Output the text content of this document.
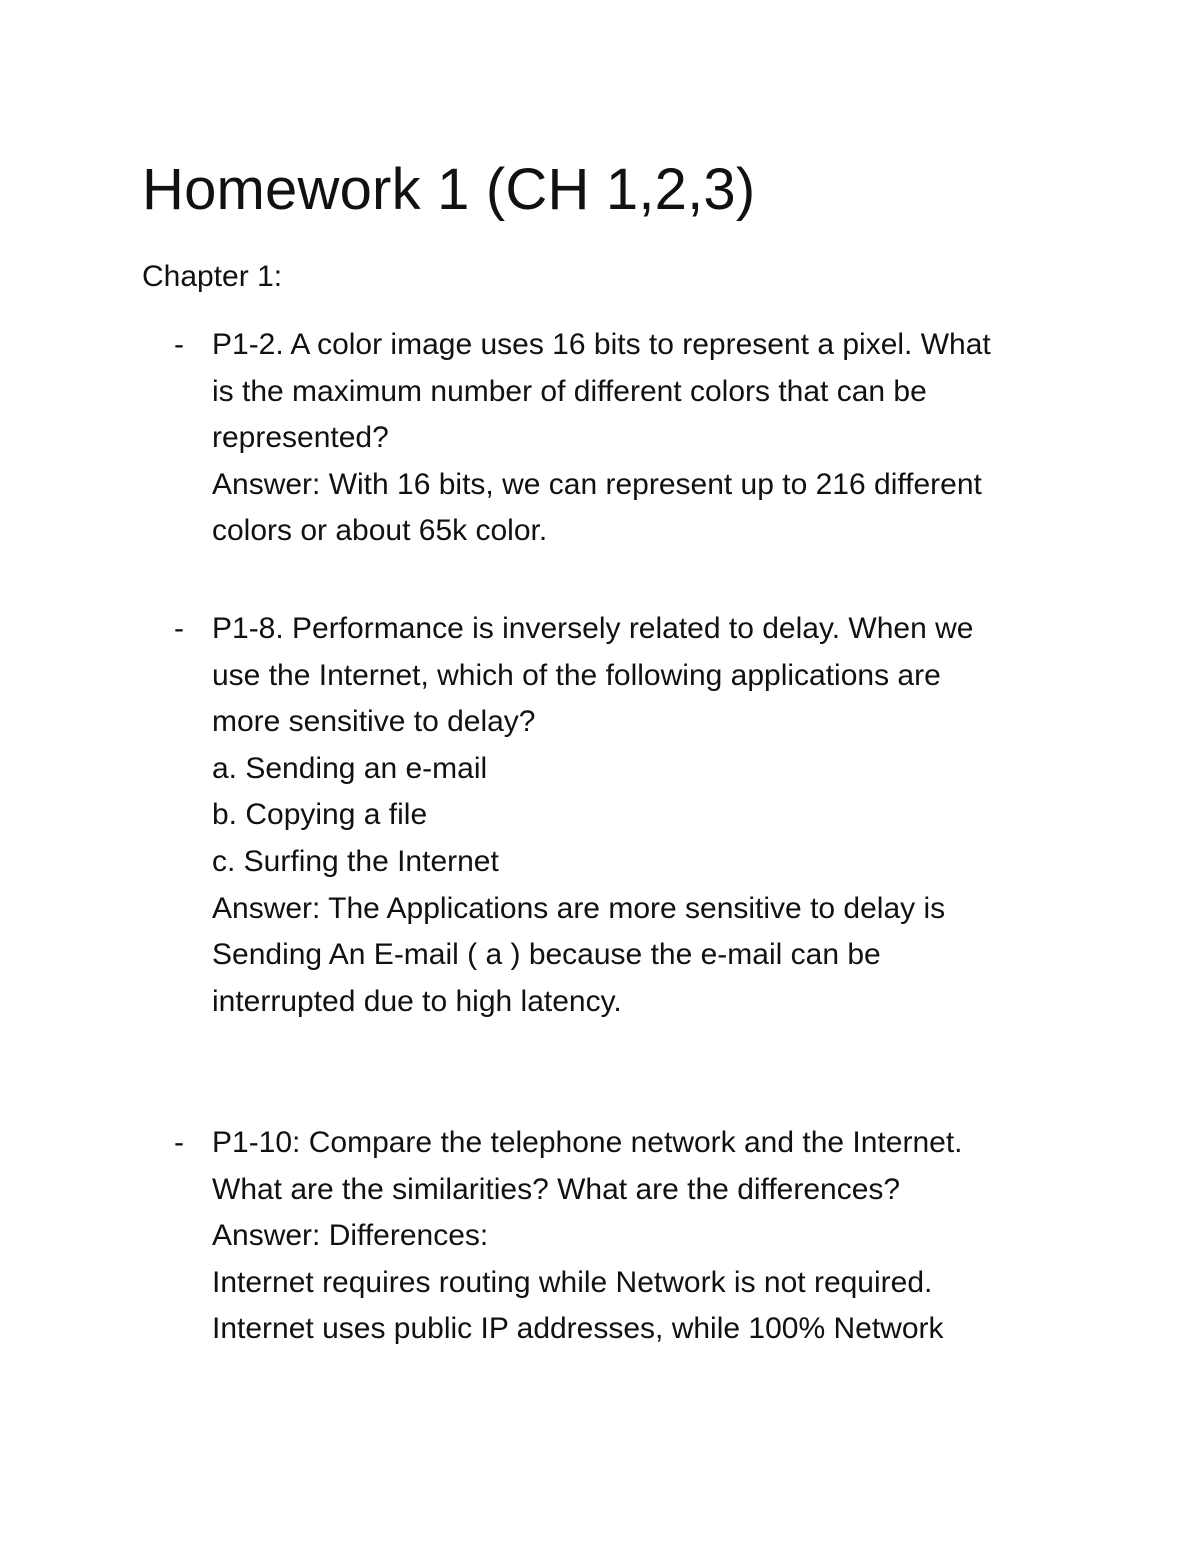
Homework 1 (CH 1,2,3)
Chapter 1:
- P1-2. A color image uses 16 bits to represent a pixel. What
is the maximum number of different colors that can be
represented?
Answer: With 16 bits, we can represent up to 216 different
colors or about 65k color.
- P1-8. Performance is inversely related to delay. When we
use the Internet, which of the following applications are
more sensitive to delay?
a. Sending an e-mail
b. Copying a file
c. Surfing the Internet
Answer: The Applications are more sensitive to delay is
Sending An E-mail ( a ) because the e-mail can be
interrupted due to high latency.
- P1-10: Compare the telephone network and the Internet.
What are the similarities? What are the differences?
Answer: Differences:
Internet requires routing while Network is not required.
Internet uses public IP addresses, while 100% Network
